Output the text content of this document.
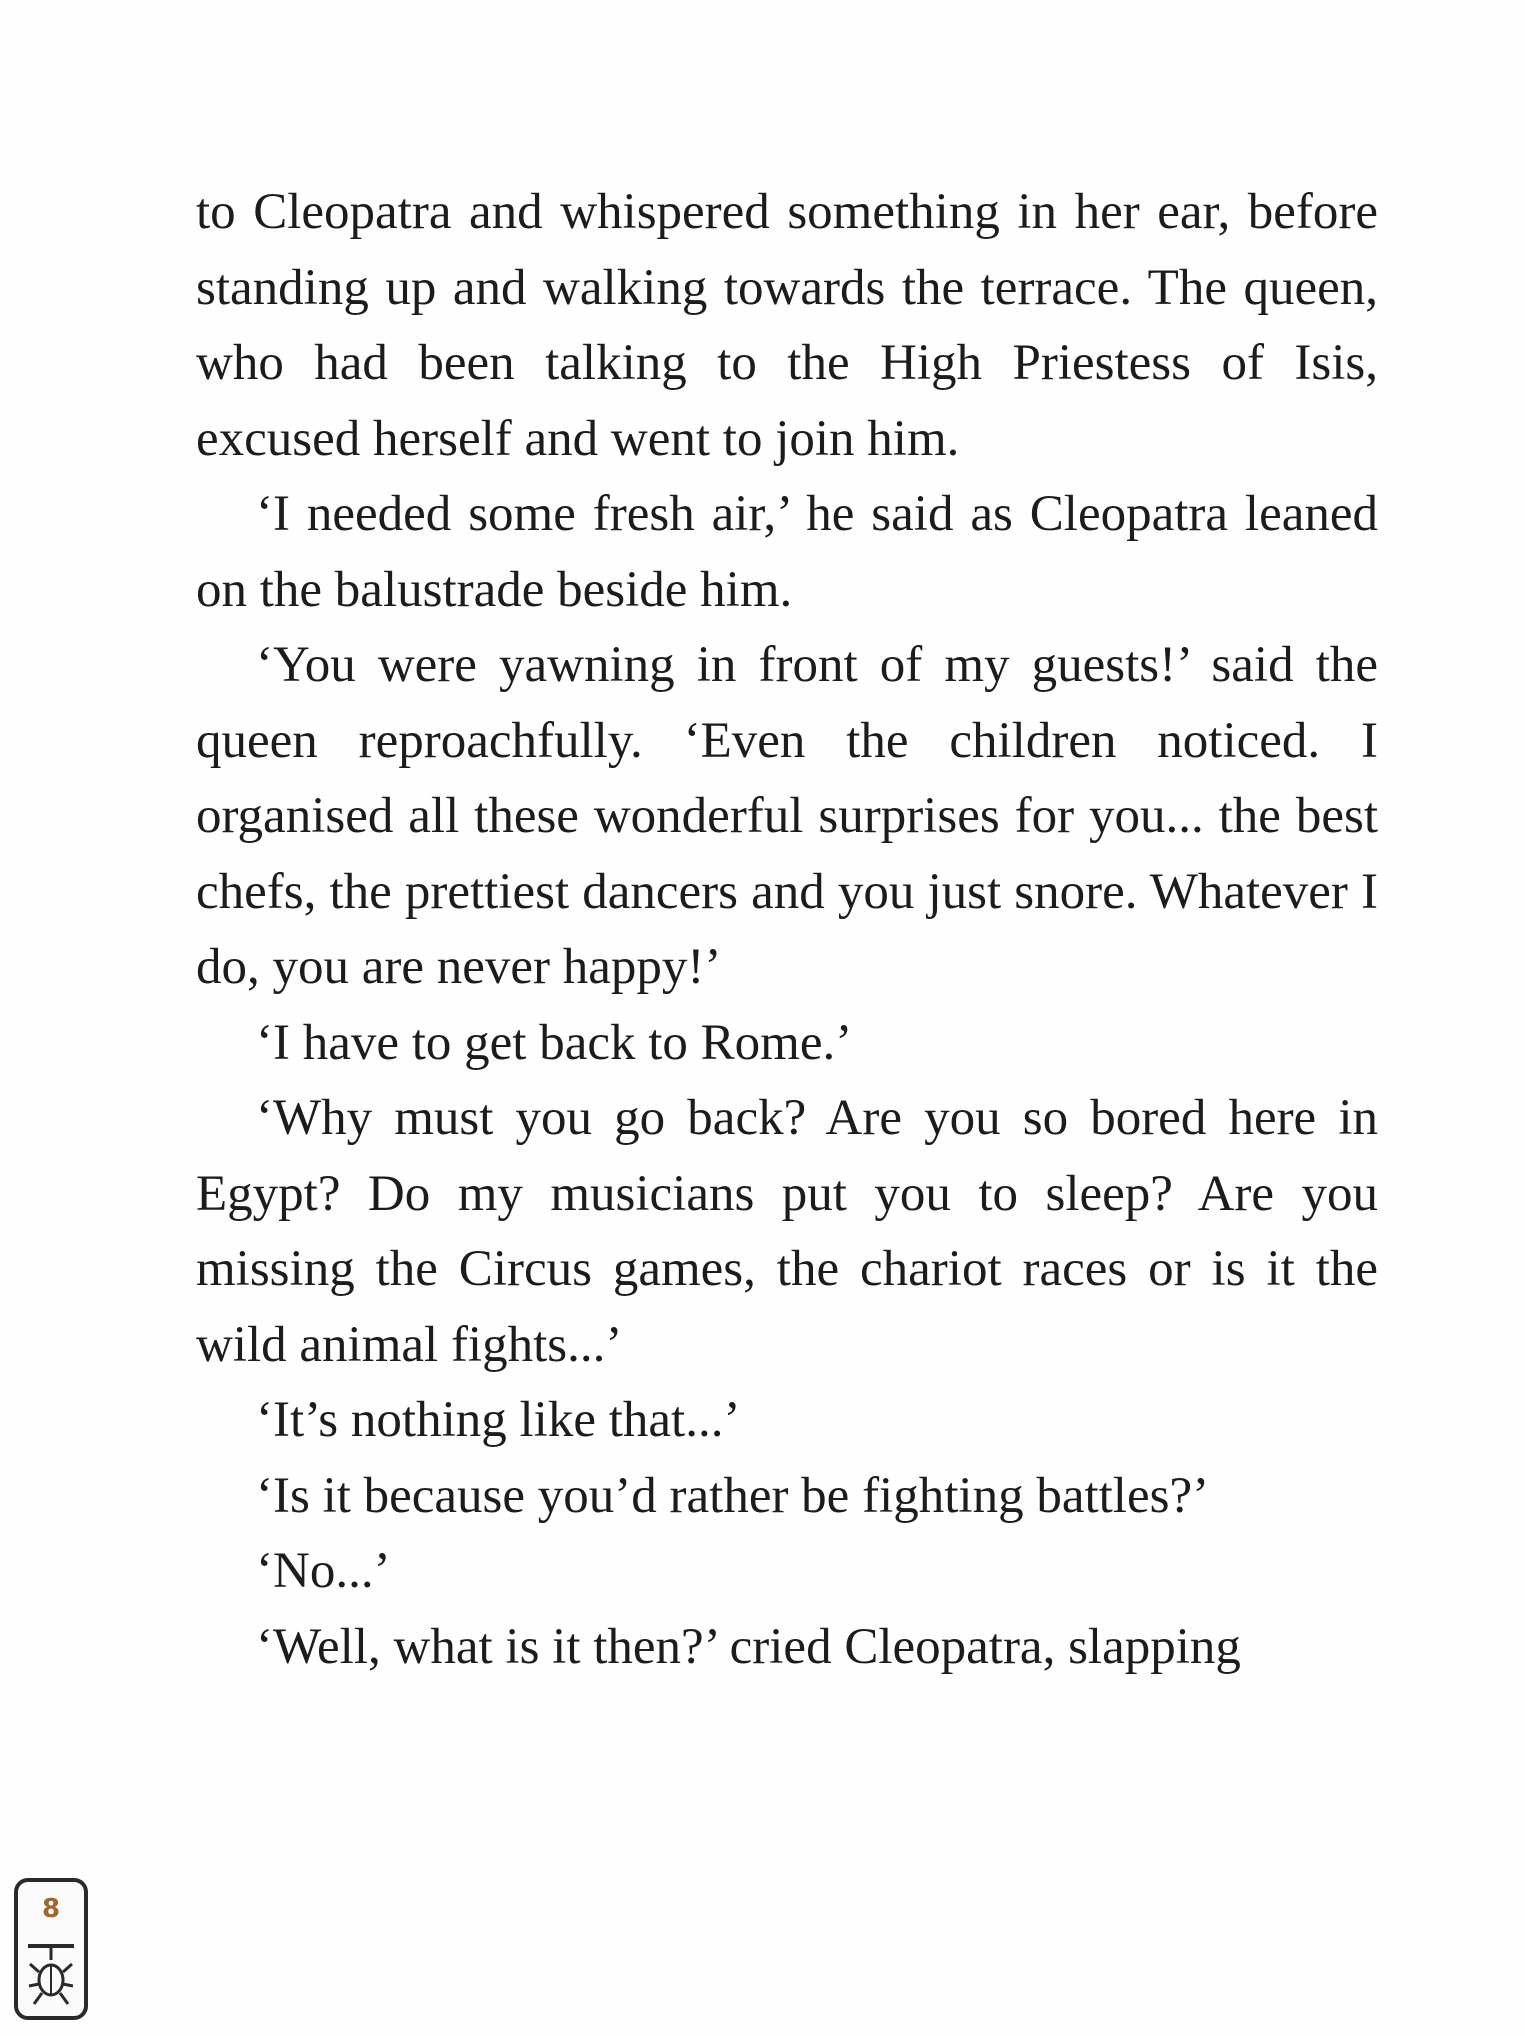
to Cleopatra and whispered something in her ear, before standing up and walking towards the terrace. The queen, who had been talking to the High Priestess of Isis, excused herself and went to join him.

‘I needed some fresh air,’ he said as Cleopatra leaned on the balustrade beside him.

‘You were yawning in front of my guests!’ said the queen reproachfully. ‘Even the children noticed. I organised all these wonderful surprises for you... the best chefs, the prettiest dancers and you just snore. Whatever I do, you are never happy!’

‘I have to get back to Rome.’

‘Why must you go back? Are you so bored here in Egypt? Do my musicians put you to sleep? Are you missing the Circus games, the chariot races or is it the wild animal fights...’

‘It’s nothing like that...’

‘Is it because you’d rather be fighting battles?’

‘No...’

‘Well, what is it then?’ cried Cleopatra, slapping

8
